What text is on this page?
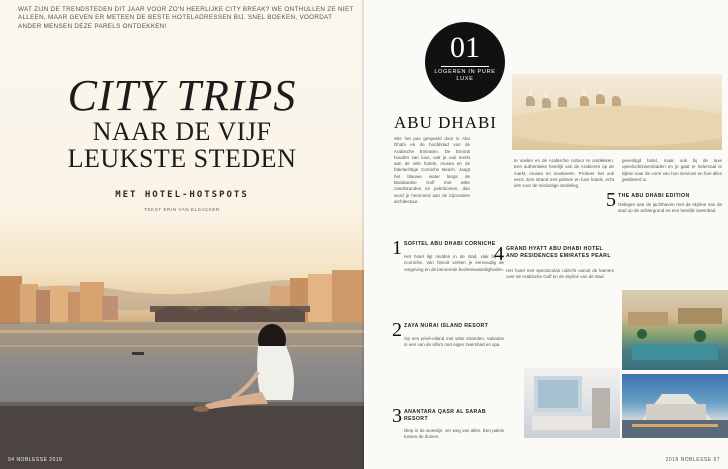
WAT ZIJN DE TRENDSTEDEN DIT JAAR VOOR ZO'N HEERLIJKE CITY BREAK? WE ONTHULLEN ZE NIET ALLEEN, MAAR GEVEN ER METEEN DE BESTE HOTELADRESSEN BIJ. SNEL BOEKEN, VOORDAT ANDER MENSEN DEZE PARELS ONTDEKKEN!
CITY TRIPS
NAAR DE VIJF
LEUKSTE STEDEN
MET HOTEL-HOTSPOTS
TEKST ERIN VAN ELSACKER
94 NOBLESSE 2018
01
LOGEREN IN PURE LUXE
ABU DHABI
Wie het pas gespeeld door in Abu Dhabi en de hoofdstad van de Arabische Emiraten. De Emirati houden van luxe, wat je ook merkt aan de vele hotels, musea en de fabelachtige Corniche Beach. Jaagt het blauwe water langs de Bastaardse Golf met witte zandstranden en palmbomen, dan word je herinnerd aan de bijzondere architectuur.
te voelen en de Arabische cultuur te ontdekken. Een authentieke heerlijk van de Arabieren op de markt, musea en moskeeën. Probeer het ook eens. Een strand met palmen en luxe hotels, echt iets voor de reislustige stedeling.
gevestigd hotel, maar ook bij de luxe openluchtzwembaden en je gaat er helemaal te kijken naar de vorm van hun services en hoe alles gestileerd is.
1 SOFITEL ABU DHABI CORNICHE
Het hotel ligt midden in de stad, vlak bij de Corniche. Van hieruit verken je eenvoudig de omgeving en de beroemde bezienswaardigheden.
2 ZAYA NURAI ISLAND RESORT
Op een privé-eiland met witte stranden. Vakantie in een van de villa's met eigen zwembad en spa.
3 ANANTARA QASR AL SARAB RESORT
Diep in de woestijn, ver weg van alles. Een paleis tussen de duinen.
4 GRAND HYATT ABU DHABI HOTEL AND RESIDENCES EMIRATES PEARL
Het hotel met spectaculair uitzicht vanuit de kamers over de Arabische Golf en de skyline van de stad.
5 THE ABU DHABI EDITION
Gelegen aan de jachthaven met de skyline van de stad op de achtergrond en een heerlijk zwembad.
2018 NOBLESSE 97
